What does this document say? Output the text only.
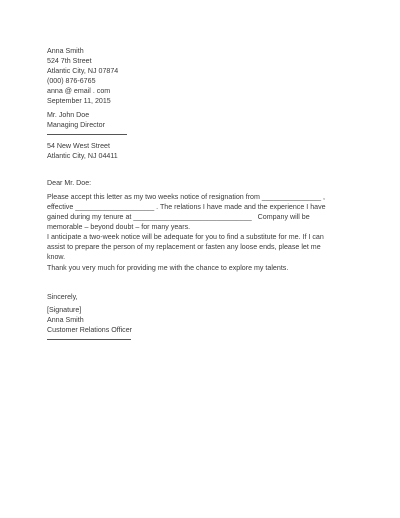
Anna Smith
524 7th Street
Atlantic City, NJ 07874
(000) 876-6765
anna @ email . com
September 11, 2015
Mr. John Doe
Managing Director
54 New West Street
Atlantic City, NJ 04411
Dear Mr. Doe:
Please accept this letter as my two weeks notice of resignation from _______________ ,
effective ____________________ . The relations I have made and the experience I have
gained during my tenure at ______________________________   Company will be
memorable – beyond doubt – for many years.
I anticipate a two-week notice will be adequate for you to find a substitute for me. If I can
assist to prepare the person of my replacement or fasten any loose ends, please let me
know.
Thank you very much for providing me with the chance to explore my talents.
Sincerely,
[Signature]
Anna Smith
Customer Relations Officer
